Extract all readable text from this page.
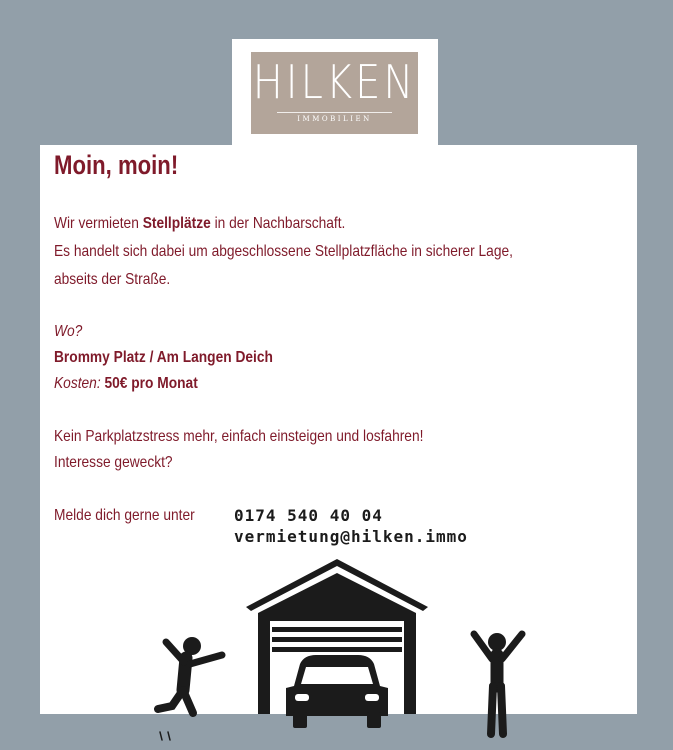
HILKEN
IMMOBILIEN
Moin, moin!
Wir vermieten Stellplätze in der Nachbarschaft.
Es handelt sich dabei um abgeschlossene Stellplatzfläche in sicherer Lage,
abseits der Straße.
Wo?
Brommy Platz / Am Langen Deich
Kosten: 50€ pro Monat
Kein Parkplatzstress mehr, einfach einsteigen und losfahren!
Interesse geweckt?
Melde dich gerne unter 0174 540 40 04
vermietung@hilken.immo
